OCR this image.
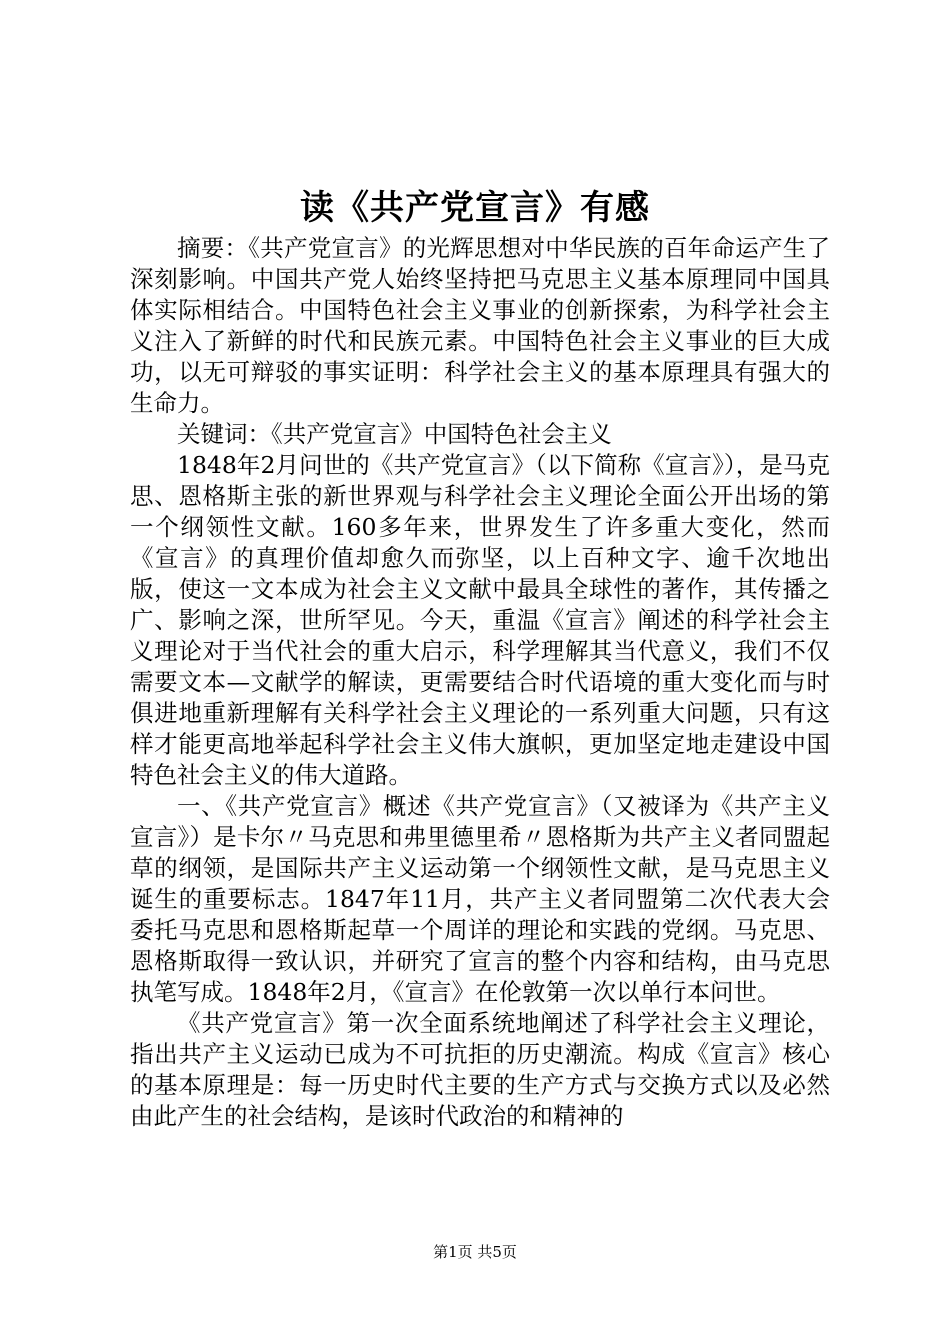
读《共产党宣言》有感

摘要：《共产党宣言》的光辉思想对中华民族的百年命运产生了深刻影响。中国共产党人始终坚持把马克思主义基本原理同中国具体实际相结合。中国特色社会主义事业的创新探索，为科学社会主义注入了新鲜的时代和民族元素。中国特色社会主义事业的巨大成功，以无可辩驳的事实证明：科学社会主义的基本原理具有强大的生命力。

关键词：《共产党宣言》中国特色社会主义

1848年2月问世的《共产党宣言》（以下简称《宣言》），是马克思、恩格斯主张的新世界观与科学社会主义理论全面公开出场的第一个纲领性文献。160多年来，世界发生了许多重大变化，然而《宣言》的真理价值却愈久而弥坚，以上百种文字、逾千次地出版，使这一文本成为社会主义文献中最具全球性的著作，其传播之广、影响之深，世所罕见。今天，重温《宣言》阐述的科学社会主义理论对于当代社会的重大启示，科学理解其当代意义，我们不仅需要文本—文献学的解读，更需要结合时代语境的重大变化而与时俱进地重新理解有关科学社会主义理论的一系列重大问题，只有这样才能更高地举起科学社会主义伟大旗帜，更加坚定地走建设中国特色社会主义的伟大道路。

一、《共产党宣言》概述《共产党宣言》（又被译为《共产主义宣言》）是卡尔〃马克思和弗里德里希〃恩格斯为共产主义者同盟起草的纲领，是国际共产主义运动第一个纲领性文献，是马克思主义诞生的重要标志。1847年11月，共产主义者同盟第二次代表大会委托马克思和恩格斯起草一个周详的理论和实践的党纲。马克思、恩格斯取得一致认识，并研究了宣言的整个内容和结构，由马克思执笔写成。1848年2月，《宣言》在伦敦第一次以单行本问世。

《共产党宣言》第一次全面系统地阐述了科学社会主义理论，指出共产主义运动已成为不可抗拒的历史潮流。构成《宣言》核心的基本原理是：每一历史时代主要的生产方式与交换方式以及必然由此产生的社会结构，是该时代政治的和精神的

第1页 共5页
